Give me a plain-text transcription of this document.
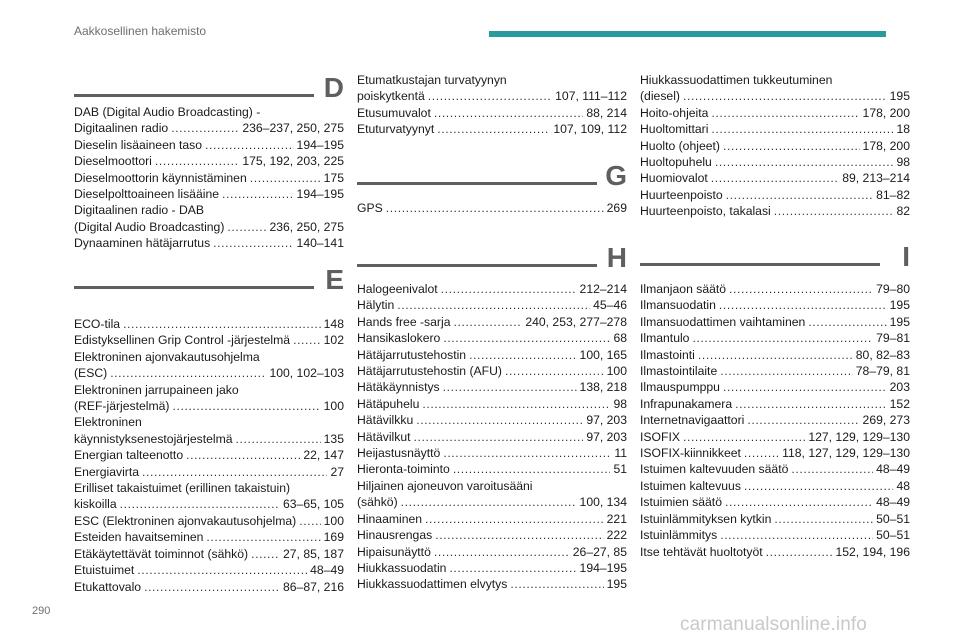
Aakkosellinen hakemisto
D
DAB (Digital Audio Broadcasting) -
Digitaalinen radio .....	236–237, 250, 275
Dieselin lisäaineen taso .....	194–195
Dieselmoottori .....	175, 192, 203, 225
Dieselmoottorin käynnistäminen .....	175
Dieselpolttoaineen lisääine .....	194–195
Digitaalinen radio - DAB
(Digital Audio Broadcasting) .....	236, 250, 275
Dynaaminen hätäjarrutus .....	140–141
E
ECO-tila .....	148
Edistyksellinen Grip Control -järjestelmä .....	102
Elektroninen ajonvakautusohjelma
(ESC) .....	100, 102–103
Elektroninen jarrupaineen jako
(REF-järjestelmä) .....	100
Elektroninen
käynnistyksenestojärjestelmä .....	135
Energian talteenotto .....	22, 147
Energiavirta .....	27
Erilliset takaistuimet (erillinen takaistuin)
kiskoilla .....	63–65, 105
ESC (Elektroninen ajonvakautusohjelma) ..... 100
Esteiden havaitseminen .....	169
Etäkäytettävät toiminnot (sähkö) .....	27, 85, 187
Etuistuimet .....	48–49
Etukattovalo .....	86–87, 216
Etumatkustajan turvatyynyn
poiskytkentä .....	107, 111–112
Etusumuvalot .....	88, 214
Etuturvatyynyt .....	107, 109, 112
G
GPS .....	269
H
Halogeenivalot .....	212–214
Hälytin .....	45–46
Hands free -sarja .....	240, 253, 277–278
Hansikaslokero .....	68
Hätäjarrutustehostin .....	100, 165
Hätäjarrutustehostin (AFU) .....	100
Hätäkäynnistys .....	138, 218
Hätäpuhelu .....	98
Hätävilkku .....	97, 203
Hätävilkut .....	97, 203
Heijastusnäyttö .....	11
Hieronta-toiminto .....	51
Hiljainen ajoneuvon varoitusääni
(sähkö) .....	100, 134
Hinaaminen .....	221
Hinausrengas .....	222
Hipaisunäyttö .....	26–27, 85
Hiukkassuodatin .....	194–195
Hiukkassuodattimen elvytys .....	195
Hiukkassuodattimen tukkeutuminen
(diesel) .....	195
Hoito-ohjeita .....	178, 200
Huoltomittari .....	18
Huolto (ohjeet) .....	178, 200
Huoltopuhelu .....	98
Huomiovalot .....	89, 213–214
Huurteenpoisto .....	81–82
Huurteenpoisto, takalasi .....	82
I
Ilmanjaon säätö .....	79–80
Ilmansuodatin .....	195
Ilmansuodattimen vaihtaminen .....	195
Ilmantulo .....	79–81
Ilmastointi .....	80, 82–83
Ilmastointilaite .....	78–79, 81
Ilmauspumppu .....	203
Infrapunakamera .....	152
Internetnavigaattori .....	269, 273
ISOFIX .....	127, 129, 129–130
ISOFIX-kiinnikkeet .....	118, 127, 129, 129–130
Istuimen kaltevuuden säätö .....	48–49
Istuimen kaltevuus .....	48
Istuimien säätö .....	48–49
Istuinlämmityksen kytkin .....	50–51
Istuinlämmitys .....	50–51
Itse tehtävät huoltotyöt .....	152, 194, 196
290
carmanualsonline.info
